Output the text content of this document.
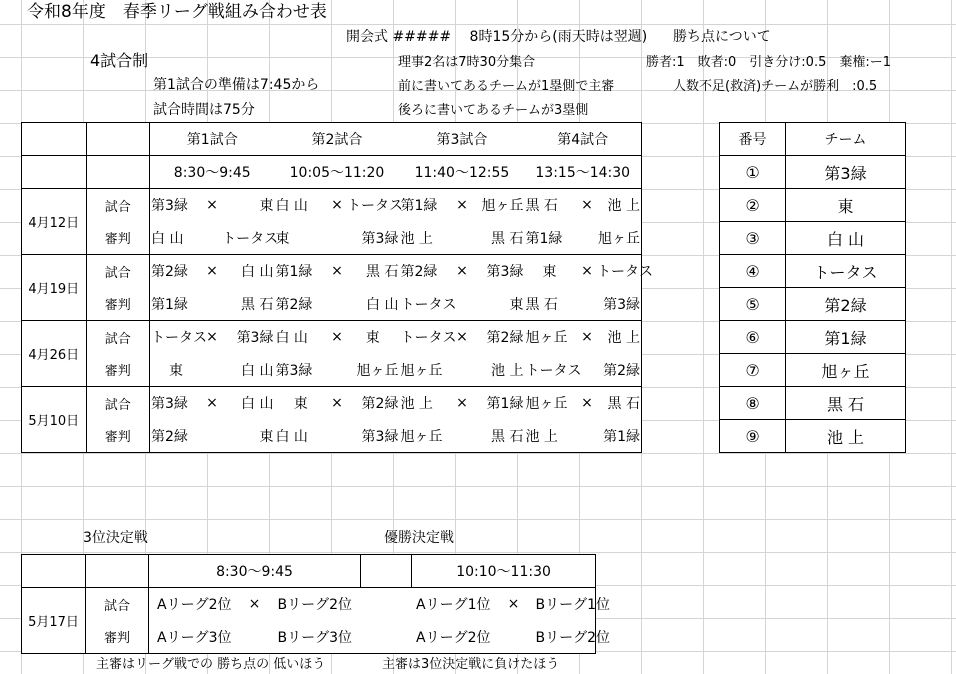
令和8年度　春季リーグ戦組み合わせ表
開会式 #####　 8時15分から(雨天時は翌週) 勝ち点について
4試合制	理事2名は7時30分集合	勝者:1　敗者:0　引き分け:0.5　棄権:ー1
第1試合の準備は7:45から	前に書いてあるチームが1塁側で主審	人数不足(救済)チームが勝利　:0.5
試合時間は75分	後ろに書いてあるチームが3塁側
		第1試合			第2試合			第3試合			第4試合		
		8:30〜9:45			10:05〜11:20			11:40〜12:55			13:15〜14:30		
4月12日	試合	第3緑	×	東	白 山	×	トータス	第1緑	×	旭ヶ丘	黒 石	×	池 上
	審判	白 山		トータス	東		第3緑	池 上		黒 石	第1緑		旭ヶ丘
4月19日	試合	第2緑	×	白 山	第1緑	×	黒 石	第2緑	×	第3緑	東	×	トータス
	審判	第1緑		黒 石	第2緑		白 山	トータス		東	黒 石		第3緑
4月26日	試合	トータス	×	第3緑	白 山	×	東	トータス	×	第2緑	旭ヶ丘	×	池 上
	審判	東		白 山	第3緑		旭ヶ丘	旭ヶ丘		池 上	トータス		第2緑
5月10日	試合	第3緑	×	白 山	東	×	第2緑	池 上	×	第1緑	旭ヶ丘	×	黒 石
	審判	第2緑		東	白 山		第3緑	旭ヶ丘		黒 石	池 上		第1緑
番号	チーム
①	第3緑
②	東
③	白 山
④	トータス
⑤	第2緑
⑥	第1緑
⑦	旭ヶ丘
⑧	黒 石
⑨	池 上
3位決定戦	優勝決定戦
		8:30〜9:45				10:10〜11:30		
5月17日	試合	Aリーグ2位	×	Bリーグ2位		Aリーグ1位	×	Bリーグ1位
	審判	Aリーグ3位		Bリーグ3位		Aリーグ2位		Bリーグ2位
主審はリーグ戦での 勝ち点の 低いほう	主審は3位決定戦に負けたほう
